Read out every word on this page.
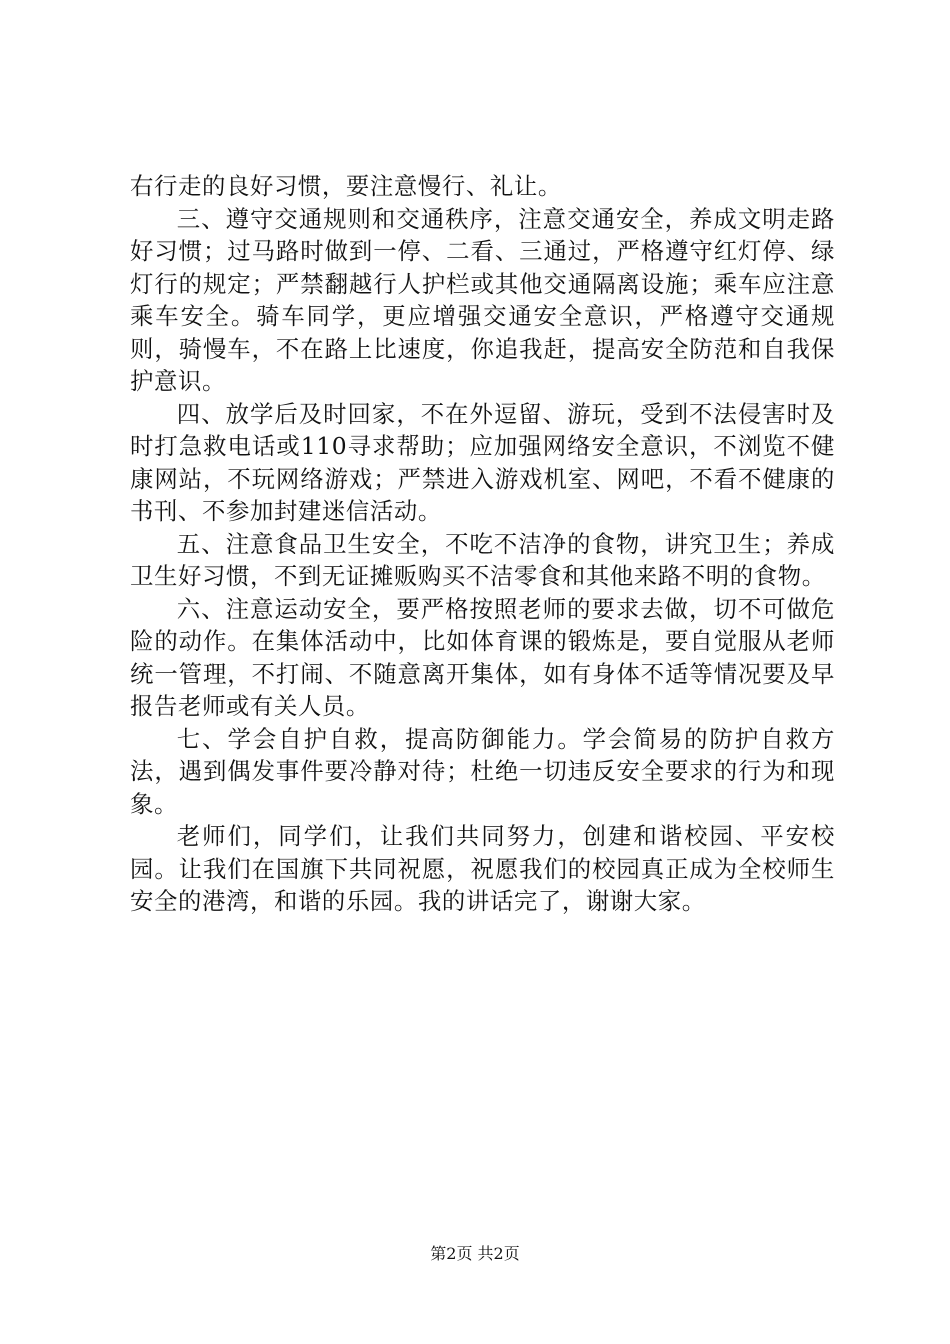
右行走的良好习惯，要注意慢行、礼让。

三、遵守交通规则和交通秩序，注意交通安全，养成文明走路好习惯；过马路时做到一停、二看、三通过，严格遵守红灯停、绿灯行的规定；严禁翻越行人护栏或其他交通隔离设施；乘车应注意乘车安全。骑车同学，更应增强交通安全意识，严格遵守交通规则，骑慢车，不在路上比速度，你追我赶，提高安全防范和自我保护意识。

四、放学后及时回家，不在外逗留、游玩，受到不法侵害时及时打急救电话或110寻求帮助；应加强网络安全意识，不浏览不健康网站，不玩网络游戏；严禁进入游戏机室、网吧，不看不健康的书刊、不参加封建迷信活动。

五、注意食品卫生安全，不吃不洁净的食物，讲究卫生；养成卫生好习惯，不到无证摊贩购买不洁零食和其他来路不明的食物。

六、注意运动安全，要严格按照老师的要求去做，切不可做危险的动作。在集体活动中，比如体育课的锻炼是，要自觉服从老师统一管理，不打闹、不随意离开集体，如有身体不适等情况要及早报告老师或有关人员。

七、学会自护自救，提高防御能力。学会简易的防护自救方法，遇到偶发事件要冷静对待；杜绝一切违反安全要求的行为和现象。

老师们，同学们，让我们共同努力，创建和谐校园、平安校园。让我们在国旗下共同祝愿，祝愿我们的校园真正成为全校师生安全的港湾，和谐的乐园。我的讲话完了，谢谢大家。

第2页 共2页
